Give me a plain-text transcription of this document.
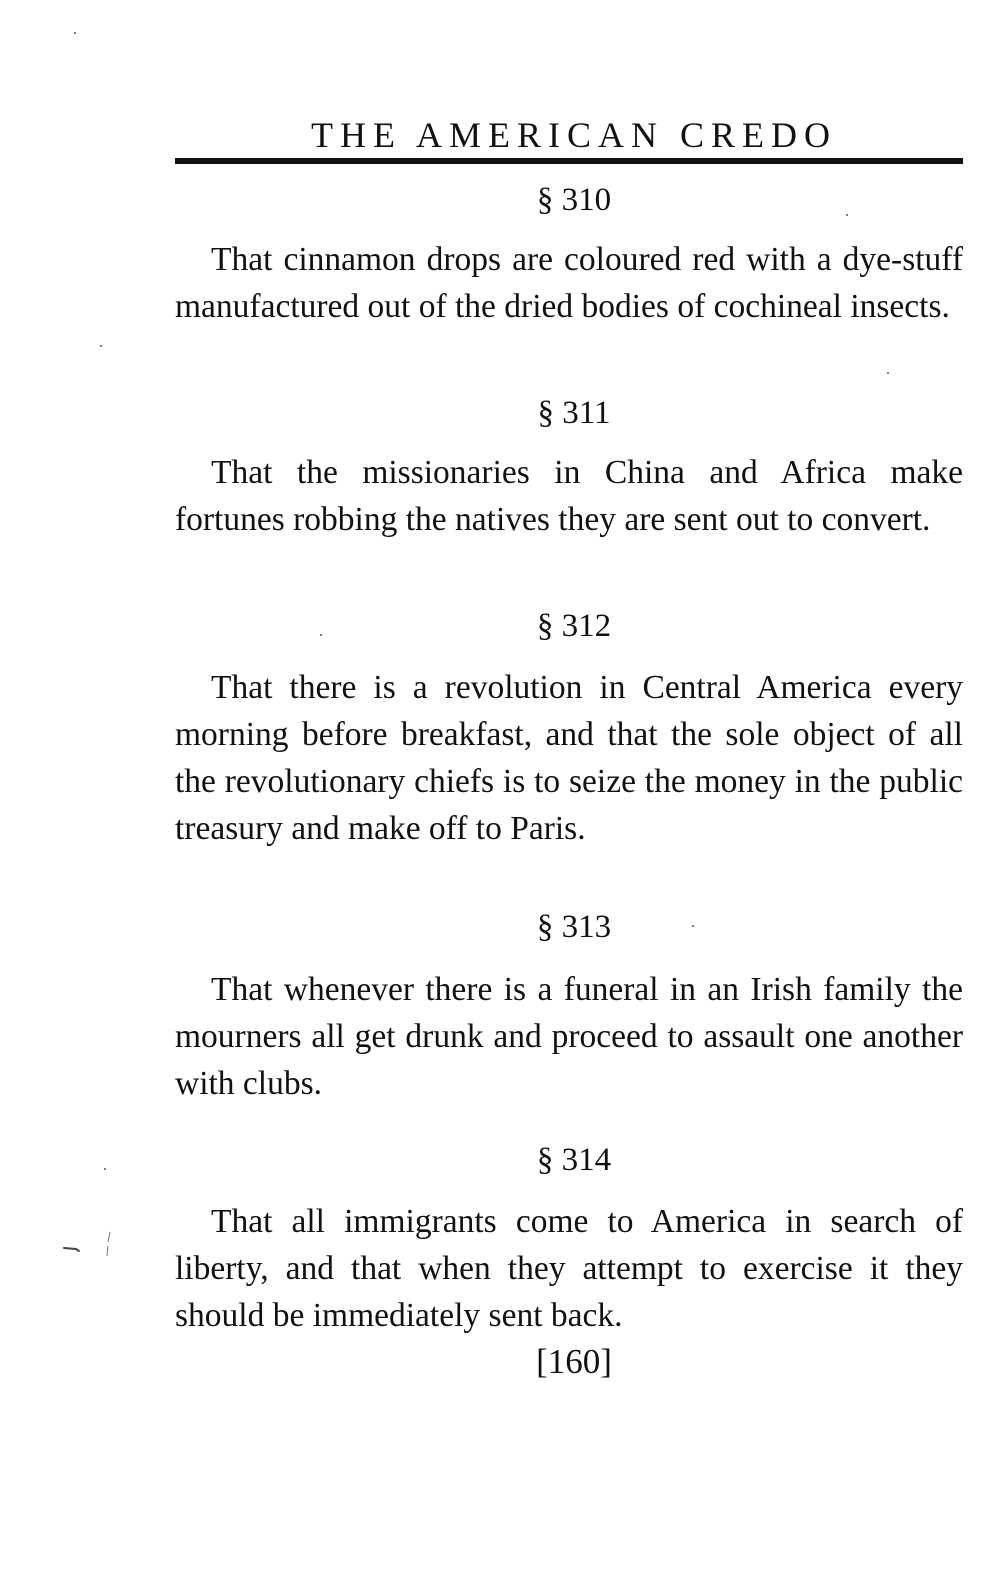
THE AMERICAN CREDO
§ 310

That cinnamon drops are coloured red with a dye-stuff manufactured out of the dried bodies of cochineal insects.

§ 311

That the missionaries in China and Africa make fortunes robbing the natives they are sent out to convert.

§ 312

That there is a revolution in Central America every morning before breakfast, and that the sole object of all the revolutionary chiefs is to seize the money in the public treasury and make off to Paris.

§ 313

That whenever there is a funeral in an Irish family the mourners all get drunk and proceed to assault one another with clubs.

§ 314

That all immigrants come to America in search of liberty, and that when they attempt to exercise it they should be immediately sent back.

[160]
